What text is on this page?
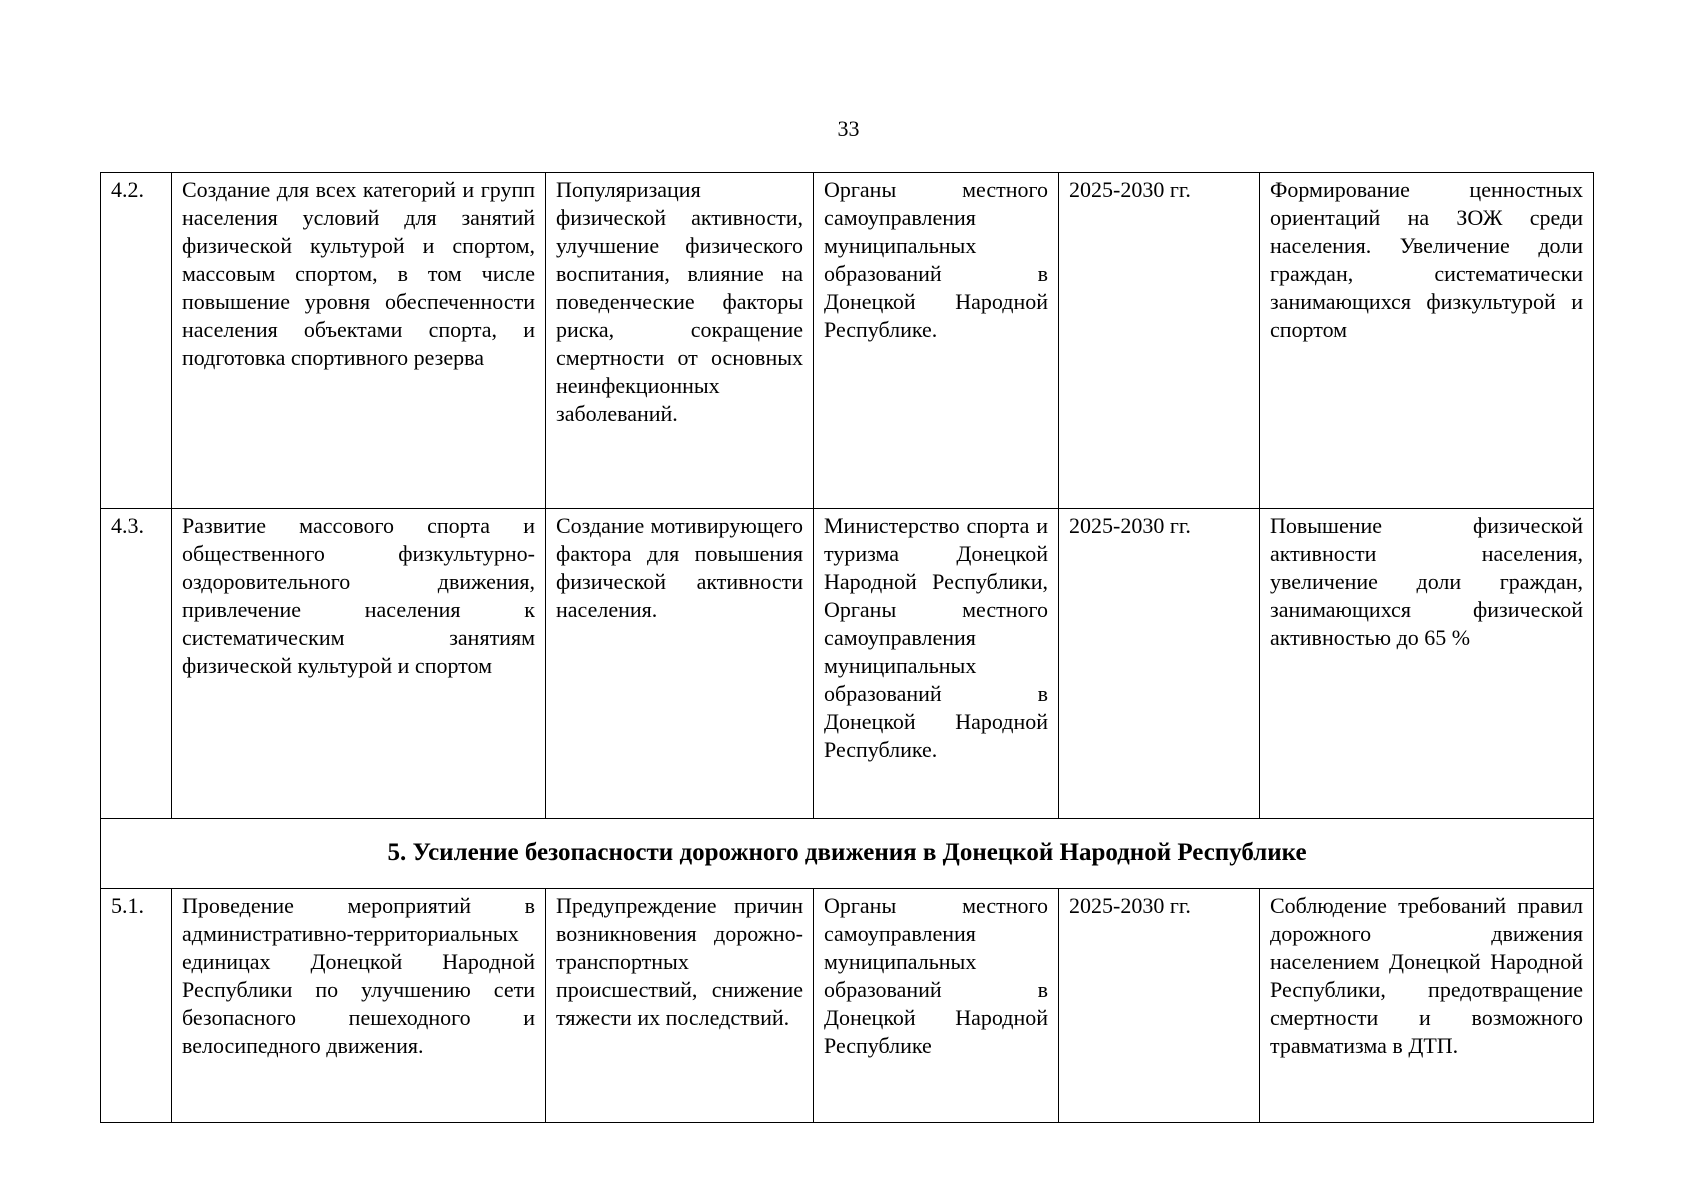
33
4.2.	Создание для всех категорий и групп населения условий для занятий физической культурой и спортом, массовым спортом, в том числе повышение уровня обеспеченности населения объектами спорта, и подготовка спортивного резерва	Популяризация физической активности, улучшение физического воспитания, влияние на поведенческие факторы риска, сокращение смертности от основных неинфекционных заболеваний.	Органы местного самоуправления муниципальных образований в Донецкой Народной Республике.	2025-2030 гг.	Формирование ценностных ориентаций на ЗОЖ среди населения. Увеличение доли граждан, систематически занимающихся физкультурой и спортом
4.3.	Развитие массового спорта и общественного физкультурно-оздоровительного движения, привлечение населения к систематическим занятиям физической культурой и спортом	Создание мотивирующего фактора для повышения физической активности населения.	Министерство спорта и туризма Донецкой Народной Республики, Органы местного самоуправления муниципальных образований в Донецкой Народной Республике.	2025-2030 гг.	Повышение физической активности населения, увеличение доли граждан, занимающихся физической активностью до 65 %
5. Усиление безопасности дорожного движения в Донецкой Народной Республике					
5.1.	Проведение мероприятий в административно-территориальных единицах Донецкой Народной Республики по улучшению сети безопасного пешеходного и велосипедного движения.	Предупреждение причин возникновения дорожно-транспортных происшествий, снижение тяжести их последствий.	Органы местного самоуправления муниципальных образований в Донецкой Народной Республике	2025-2030 гг.	Соблюдение требований правил дорожного движения населением Донецкой Народной Республики, предотвращение смертности и возможного травматизма в ДТП.
